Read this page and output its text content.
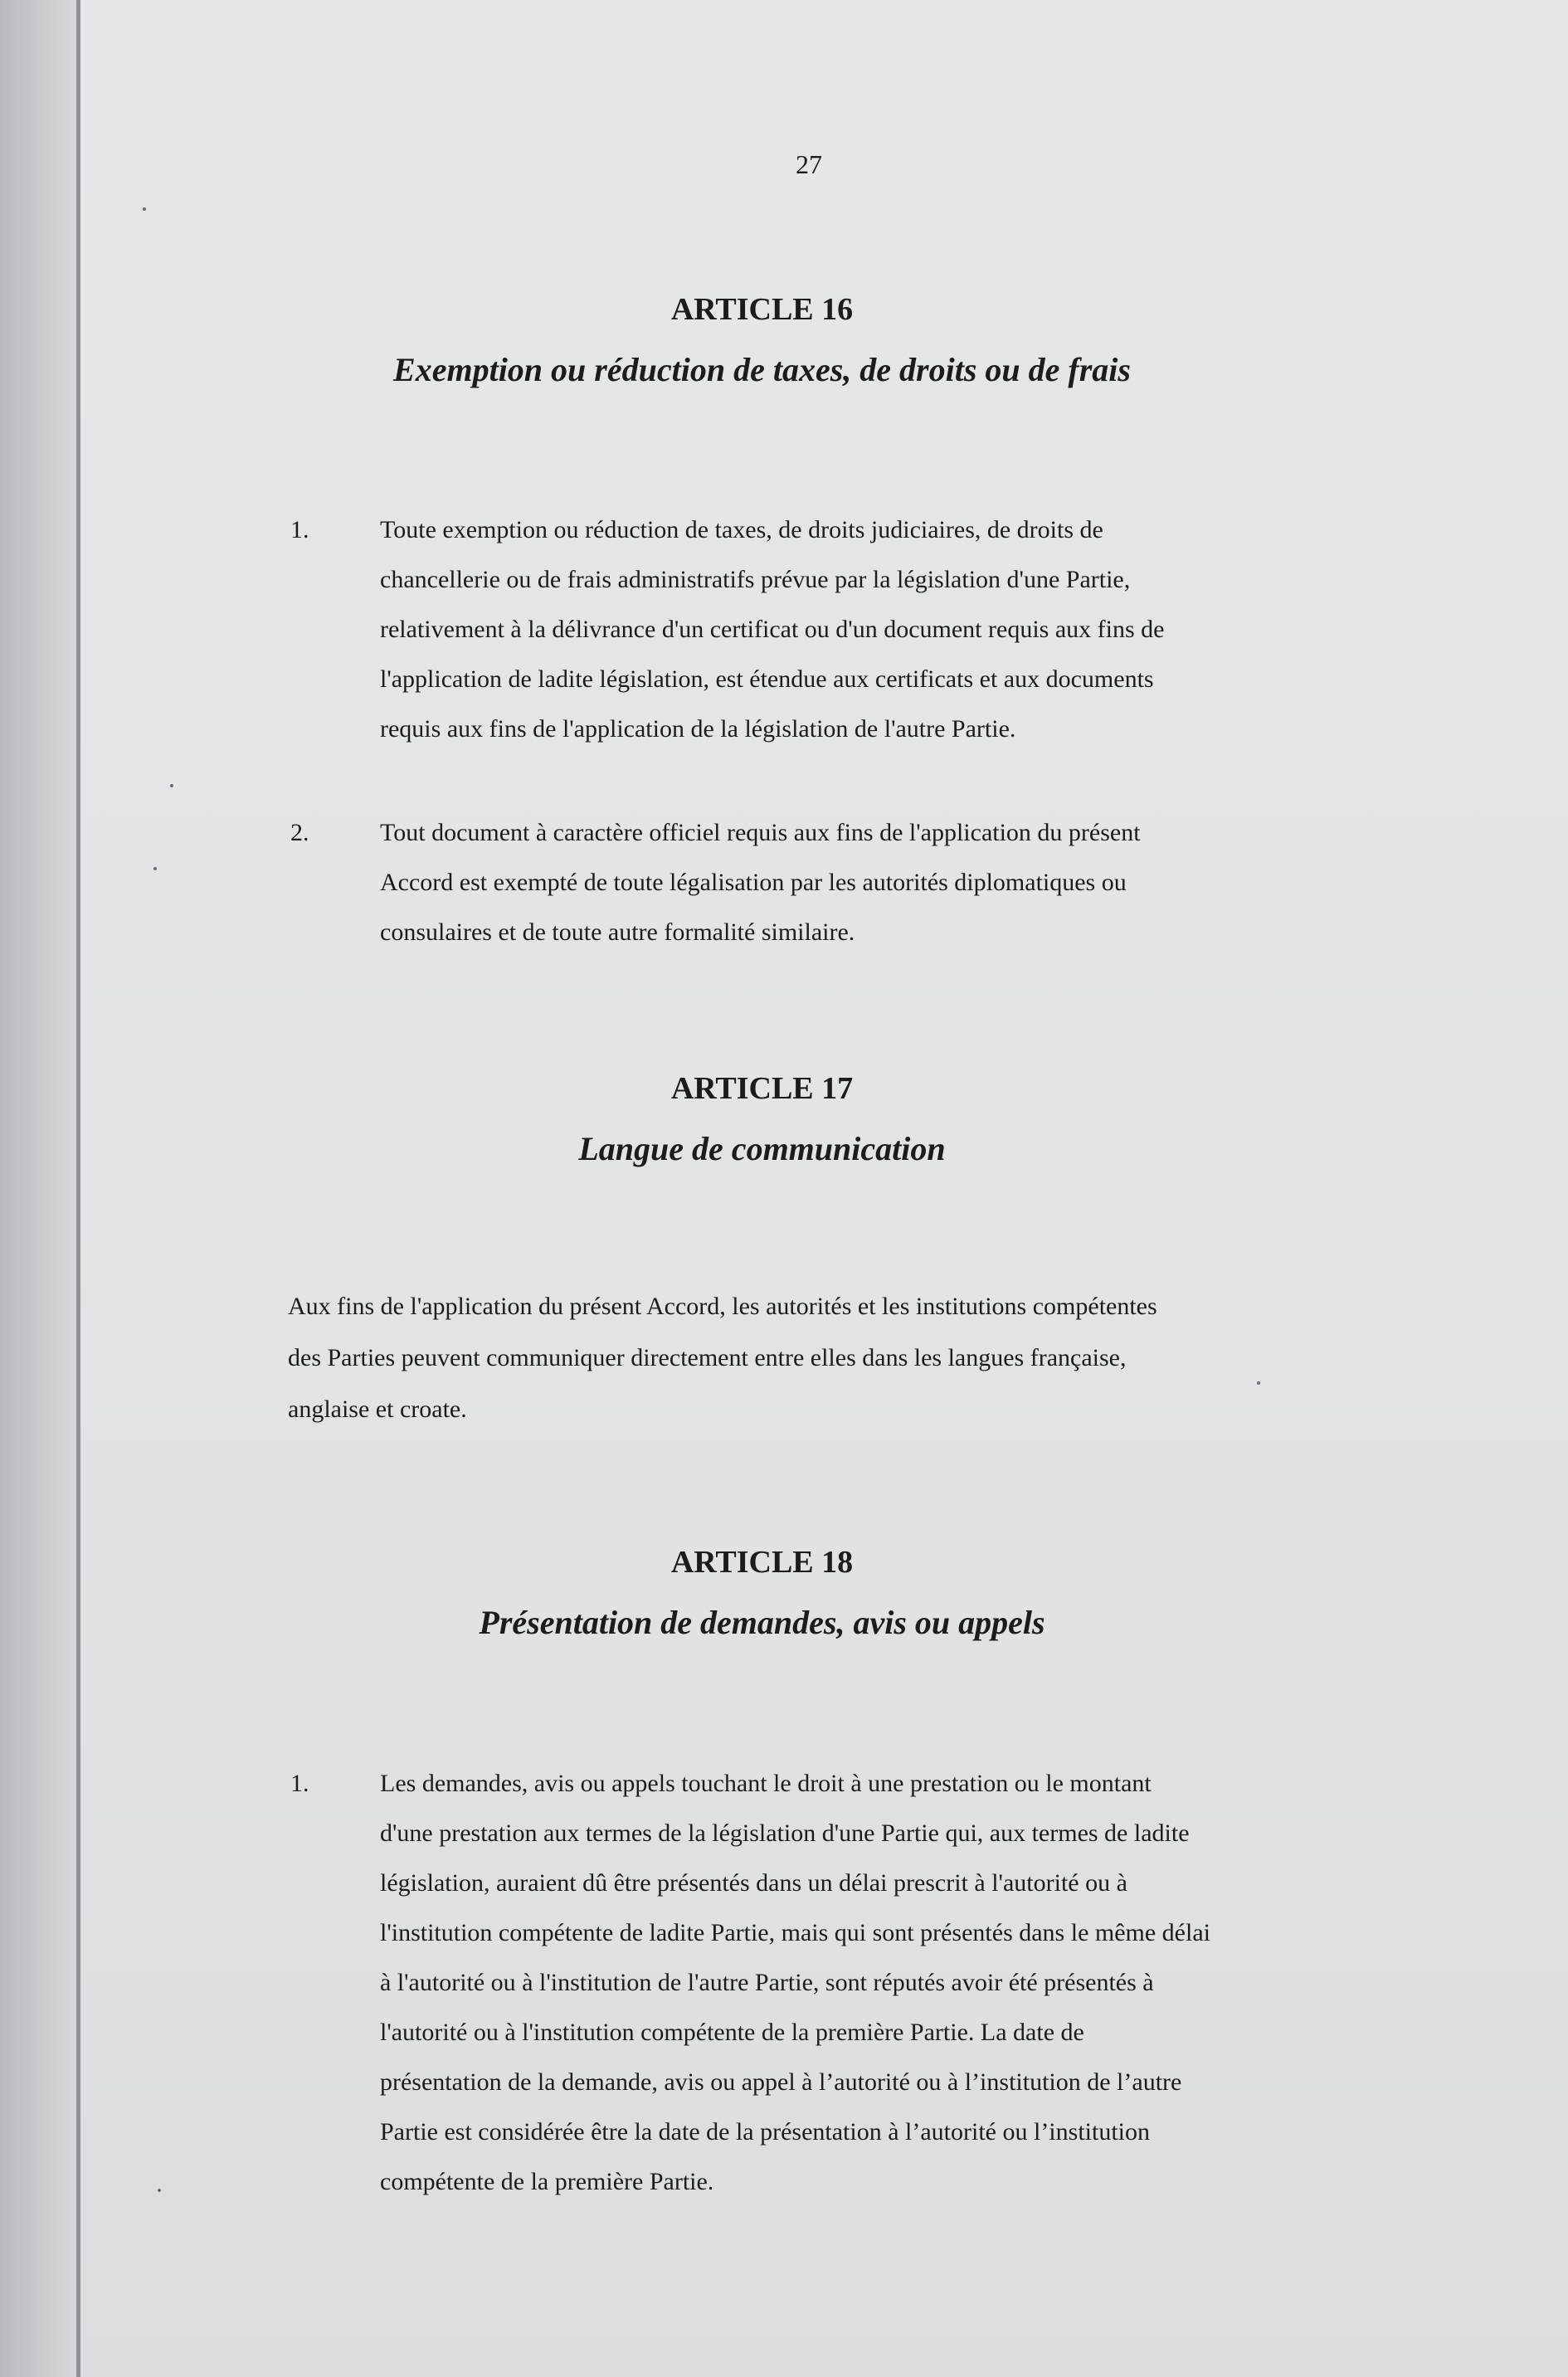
27
ARTICLE 16
Exemption ou réduction de taxes, de droits ou de frais
1.	Toute exemption ou réduction de taxes, de droits judiciaires, de droits de
chancellerie ou de frais administratifs prévue par la législation d'une Partie,
relativement à la délivrance d'un certificat ou d'un document requis aux fins de
l'application de ladite législation, est étendue aux certificats et aux documents
requis aux fins de l'application de la législation de l'autre Partie.
2.	Tout document à caractère officiel requis aux fins de l'application du présent
Accord est exempté de toute légalisation par les autorités diplomatiques ou
consulaires et de toute autre formalité similaire.
ARTICLE 17
Langue de communication
Aux fins de l'application du présent Accord, les autorités et les institutions compétentes
des Parties peuvent communiquer directement entre elles dans les langues française,
anglaise et croate.
ARTICLE 18
Présentation de demandes, avis ou appels
1.	Les demandes, avis ou appels touchant le droit à une prestation ou le montant
d'une prestation aux termes de la législation d'une Partie qui, aux termes de ladite
législation, auraient dû être présentés dans un délai prescrit à l'autorité ou à
l'institution compétente de ladite Partie, mais qui sont présentés dans le même délai
à l'autorité ou à l'institution de l'autre Partie, sont réputés avoir été présentés à
l'autorité ou à l'institution compétente de la première Partie. La date de
présentation de la demande, avis ou appel à l’autorité ou à l’institution de l’autre
Partie est considérée être la date de la présentation à l’autorité ou l’institution
compétente de la première Partie.
